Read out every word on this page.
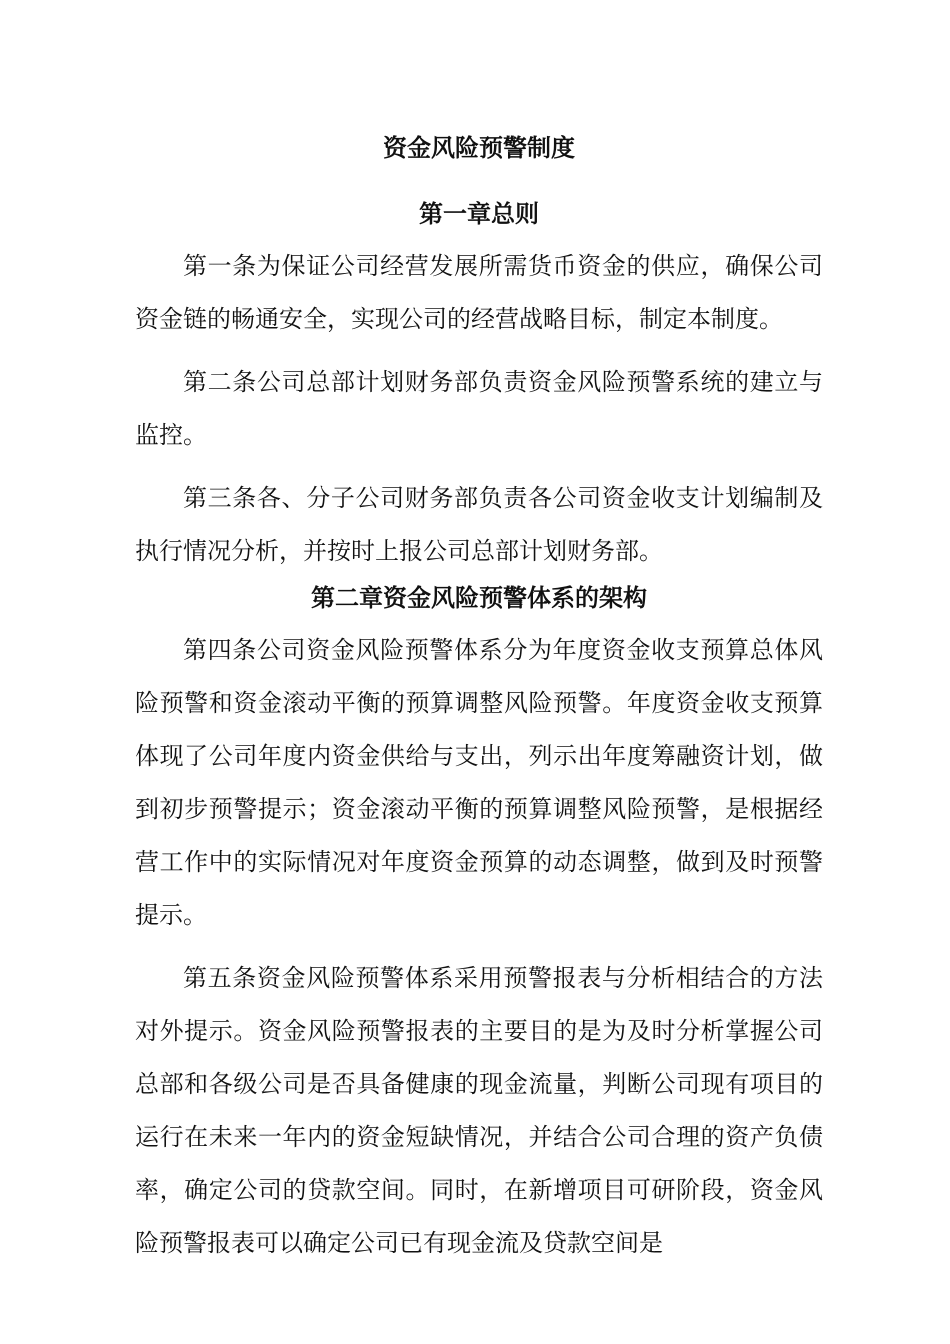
资金风险预警制度
第一章总则

第一条为保证公司经营发展所需货币资金的供应，确保公司资金链的畅通安全，实现公司的经营战略目标，制定本制度。

第二条公司总部计划财务部负责资金风险预警系统的建立与监控。

第三条各、分子公司财务部负责各公司资金收支计划编制及执行情况分析，并按时上报公司总部计划财务部。

第二章资金风险预警体系的架构

第四条公司资金风险预警体系分为年度资金收支预算总体风险预警和资金滚动平衡的预算调整风险预警。年度资金收支预算体现了公司年度内资金供给与支出，列示出年度筹融资计划，做到初步预警提示；资金滚动平衡的预算调整风险预警，是根据经营工作中的实际情况对年度资金预算的动态调整，做到及时预警提示。

第五条资金风险预警体系采用预警报表与分析相结合的方法对外提示。资金风险预警报表的主要目的是为及时分析掌握公司总部和各级公司是否具备健康的现金流量，判断公司现有项目的运行在未来一年内的资金短缺情况，并结合公司合理的资产负债率，确定公司的贷款空间。同时，在新增项目可研阶段，资金风险预警报表可以确定公司已有现金流及贷款空间是
